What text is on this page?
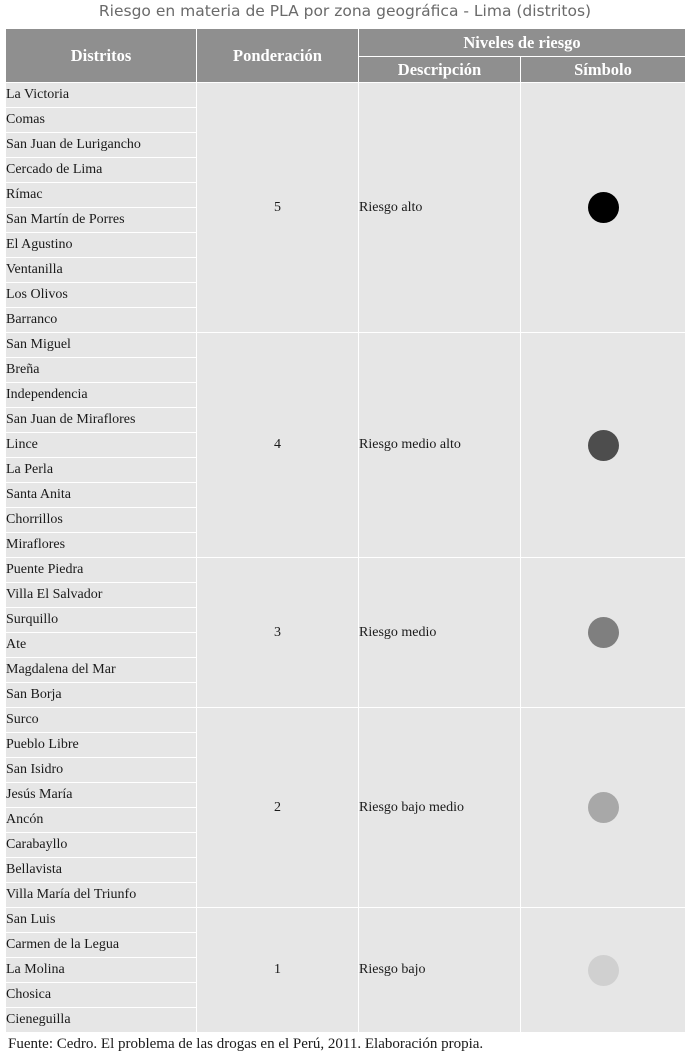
Riesgo en materia de PLA por zona geográfica - Lima (distritos)
Distritos	Ponderación	Niveles de riesgo	
		Descripción	Símbolo
La Victoria	5	Riesgo alto	
Comas			
San Juan de Lurigancho			
Cercado de Lima			
Rímac			
San Martín de Porres			
El Agustino			
Ventanilla			
Los Olivos			
Barranco			
San Miguel	4	Riesgo medio alto	
Breña			
Independencia			
San Juan de Miraflores			
Lince			
La Perla			
Santa Anita			
Chorrillos			
Miraflores			
Puente Piedra	3	Riesgo medio	
Villa El Salvador			
Surquillo			
Ate			
Magdalena del Mar			
San Borja			
Surco	2	Riesgo bajo medio	
Pueblo Libre			
San Isidro			
Jesús María			
Ancón			
Carabayllo			
Bellavista			
Villa María del Triunfo			
San Luis	1	Riesgo bajo	
Carmen de la Legua			
La Molina			
Chosica			
Cieneguilla			
Fuente: Cedro. El problema de las drogas en el Perú, 2011. Elaboración propia.
